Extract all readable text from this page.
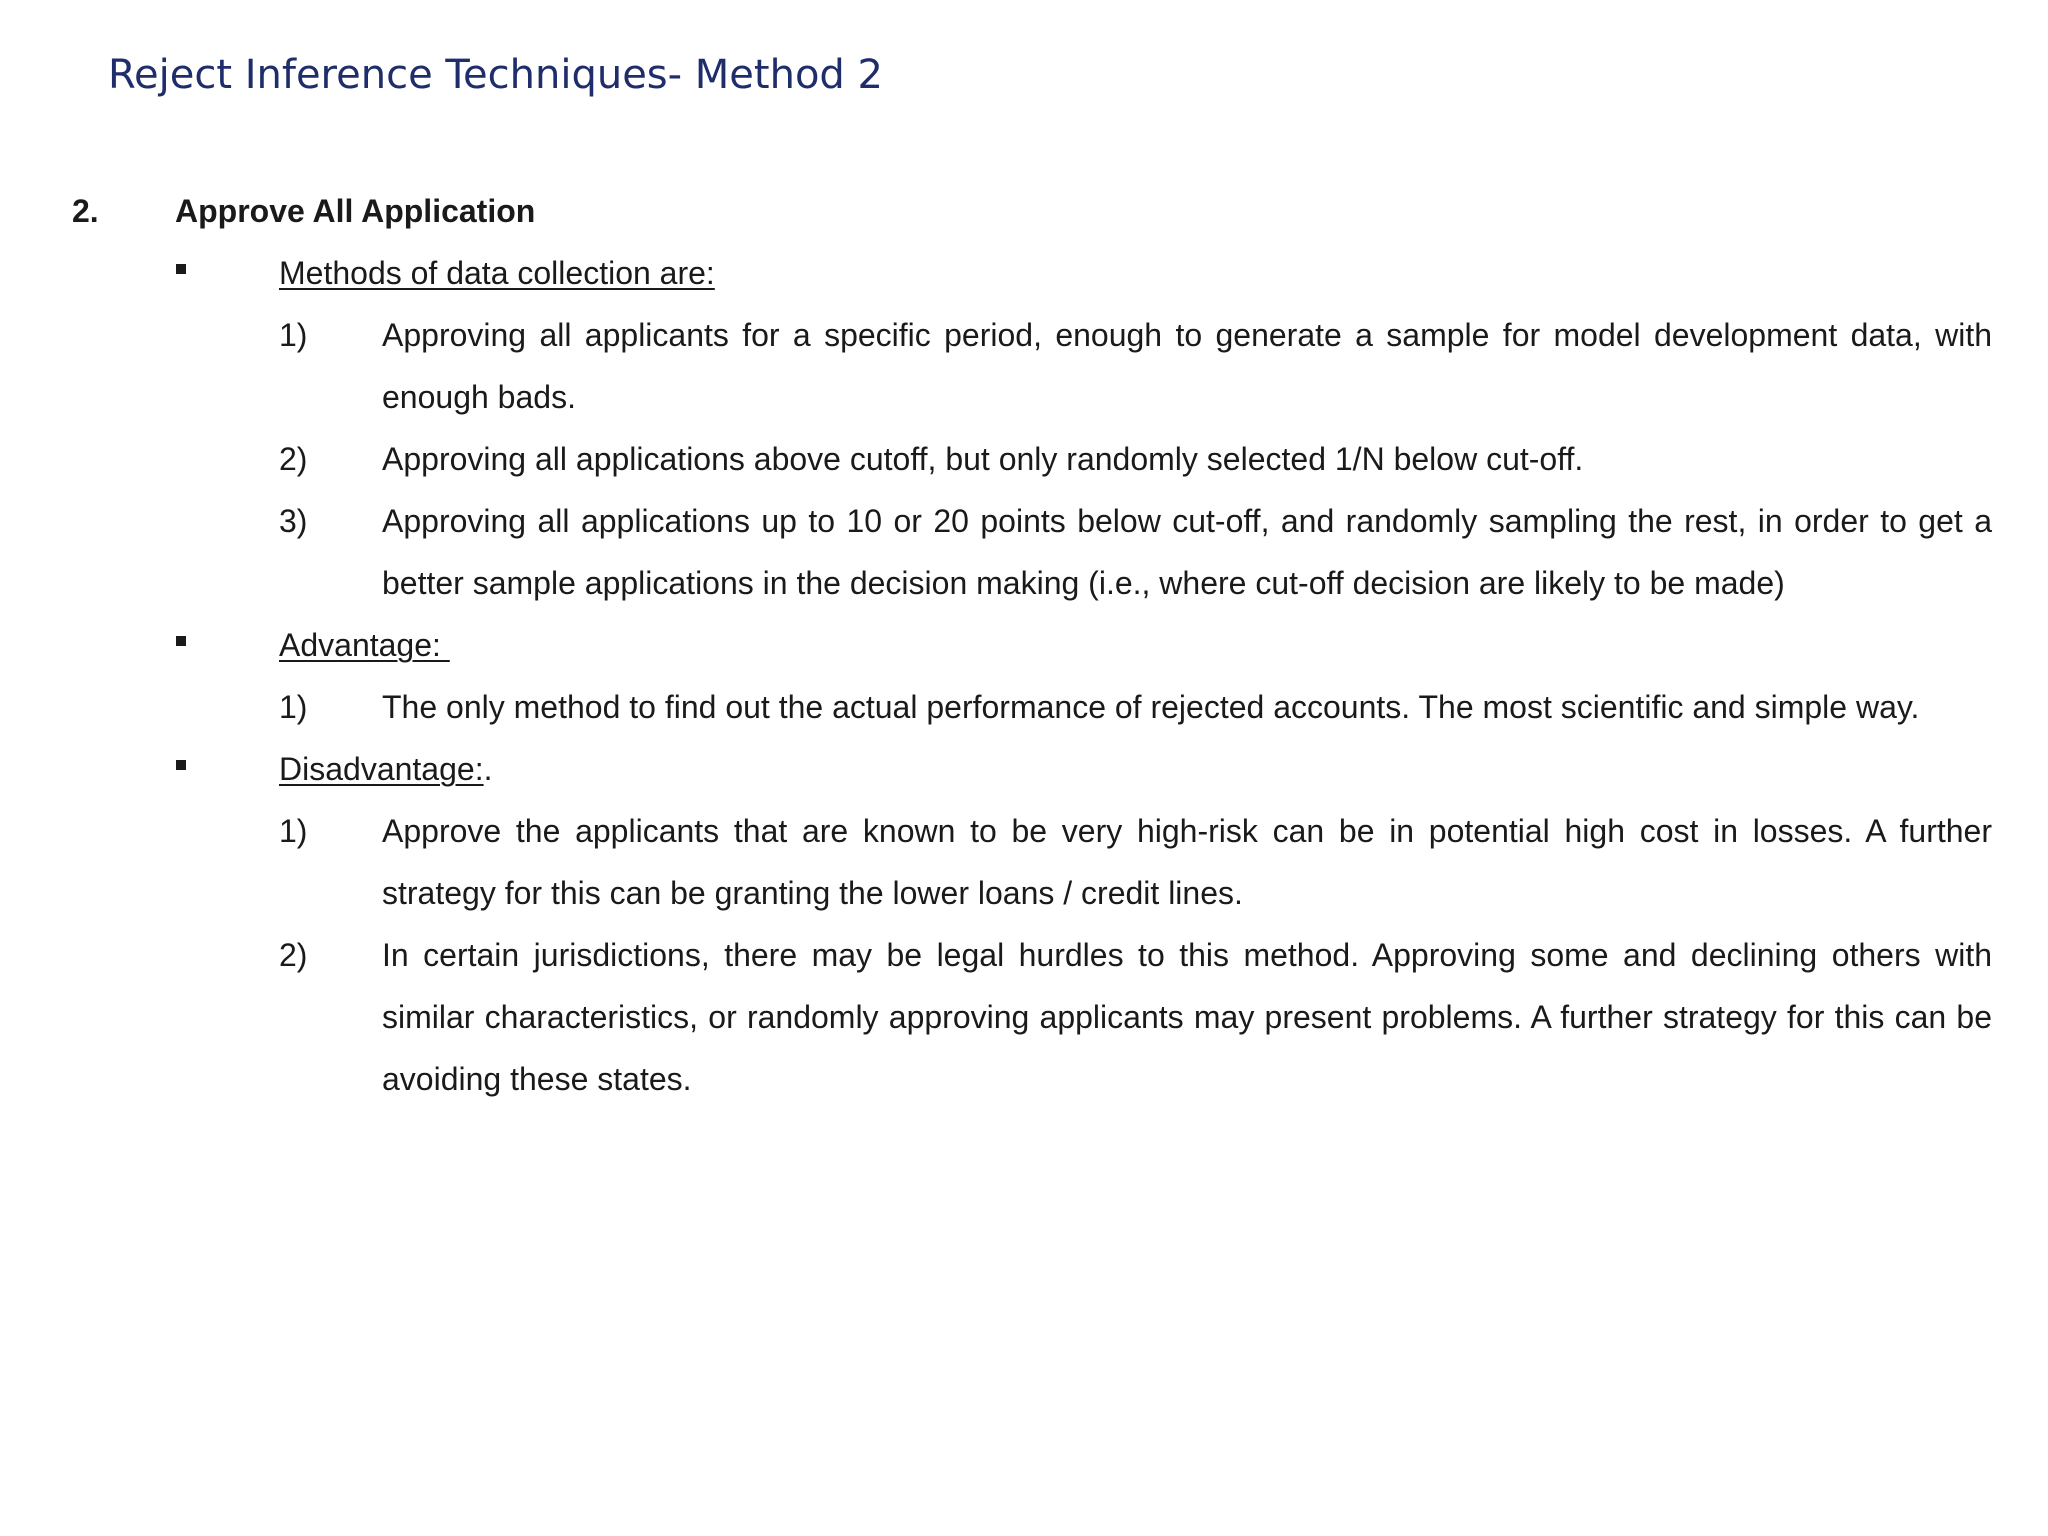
Reject Inference Techniques- Method 2
2. Approve All Application
Methods of data collection are:
1) Approving all applicants for a specific period, enough to generate a sample for model development data, with enough bads.
2) Approving all applications above cutoff, but only randomly selected 1/N below cut-off.
3) Approving all applications up to 10 or 20 points below cut-off, and randomly sampling the rest, in order to get a better sample applications in the decision making (i.e., where cut-off decision are likely to be made)
Advantage:
1) The only method to find out the actual performance of rejected accounts. The most scientific and simple way.
Disadvantage:.
1) Approve the applicants that are known to be very high-risk can be in potential high cost in losses. A further strategy for this can be granting the lower loans / credit lines.
2) In certain jurisdictions, there may be legal hurdles to this method. Approving some and declining others with similar characteristics, or randomly approving applicants may present problems. A further strategy for this can be avoiding these states.
